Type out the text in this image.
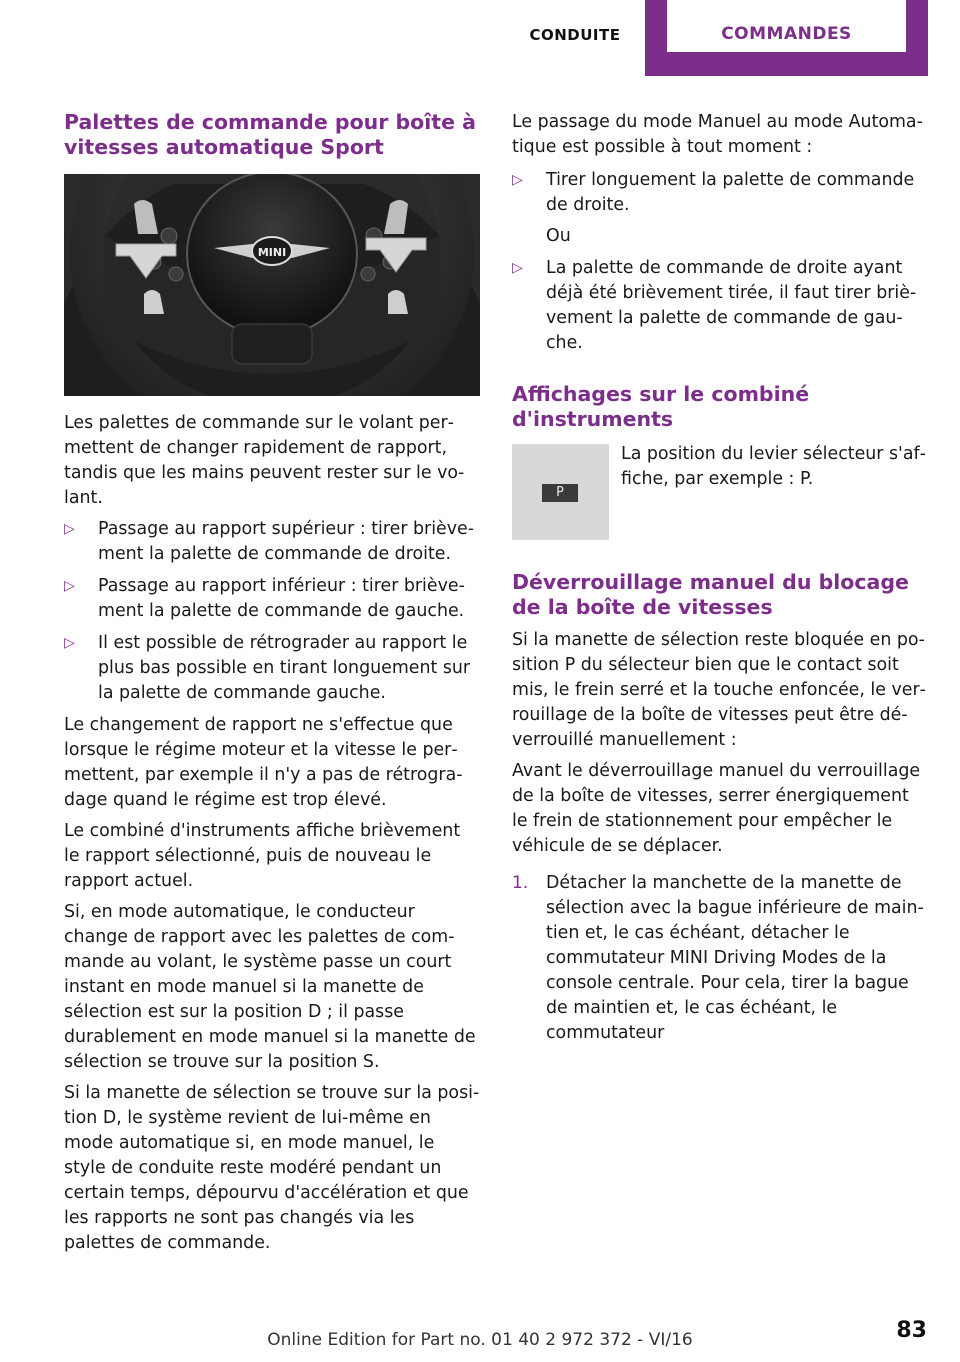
CONDUITE	COMMANDES
Palettes de commande pour boîte à vitesses automatique Sport
MINI

Les palettes de commande sur le volant permettent de changer rapidement de rapport, tandis que les mains peuvent rester sur le volant.

▷ Passage au rapport supérieur : tirer brièvement la palette de commande de droite.
▷ Passage au rapport inférieur : tirer brièvement la palette de commande de gauche.
▷ Il est possible de rétrograder au rapport le plus bas possible en tirant longuement sur la palette de commande gauche.

Le changement de rapport ne s'effectue que lorsque le régime moteur et la vitesse le permettent, par exemple il n'y a pas de rétrogradage quand le régime est trop élevé.

Le combiné d'instruments affiche brièvement le rapport sélectionné, puis de nouveau le rapport actuel.

Si, en mode automatique, le conducteur change de rapport avec les palettes de commande au volant, le système passe un court instant en mode manuel si la manette de sélection est sur la position D ; il passe durablement en mode manuel si la manette de sélection se trouve sur la position S.

Si la manette de sélection se trouve sur la position D, le système revient de lui-même en mode automatique si, en mode manuel, le style de conduite reste modéré pendant un certain temps, dépourvu d'accélération et que les rapports ne sont pas changés via les palettes de commande.

Le passage du mode Manuel au mode Automatique est possible à tout moment :

▷ Tirer longuement la palette de commande de droite.

Ou

▷ La palette de commande de droite ayant déjà été brièvement tirée, il faut tirer brièvement la palette de commande de gauche.
Affichages sur le combiné d'instruments
P

La position du levier sélecteur s'affiche, par exemple : P.

Déverrouillage manuel du blocage de la boîte de vitesses

Si la manette de sélection reste bloquée en position P du sélecteur bien que le contact soit mis, le frein serré et la touche enfoncée, le verrouillage de la boîte de vitesses peut être déverrouillé manuellement :

Avant le déverrouillage manuel du verrouillage de la boîte de vitesses, serrer énergiquement le frein de stationnement pour empêcher le véhicule de se déplacer.

1. Détacher la manchette de la manette de sélection avec la bague inférieure de maintien et, le cas échéant, détacher le commutateur MINI Driving Modes de la console centrale. Pour cela, tirer la bague de maintien et, le cas échéant, le commutateur
Online Edition for Part no. 01 40 2 972 372 - VI/16	83
